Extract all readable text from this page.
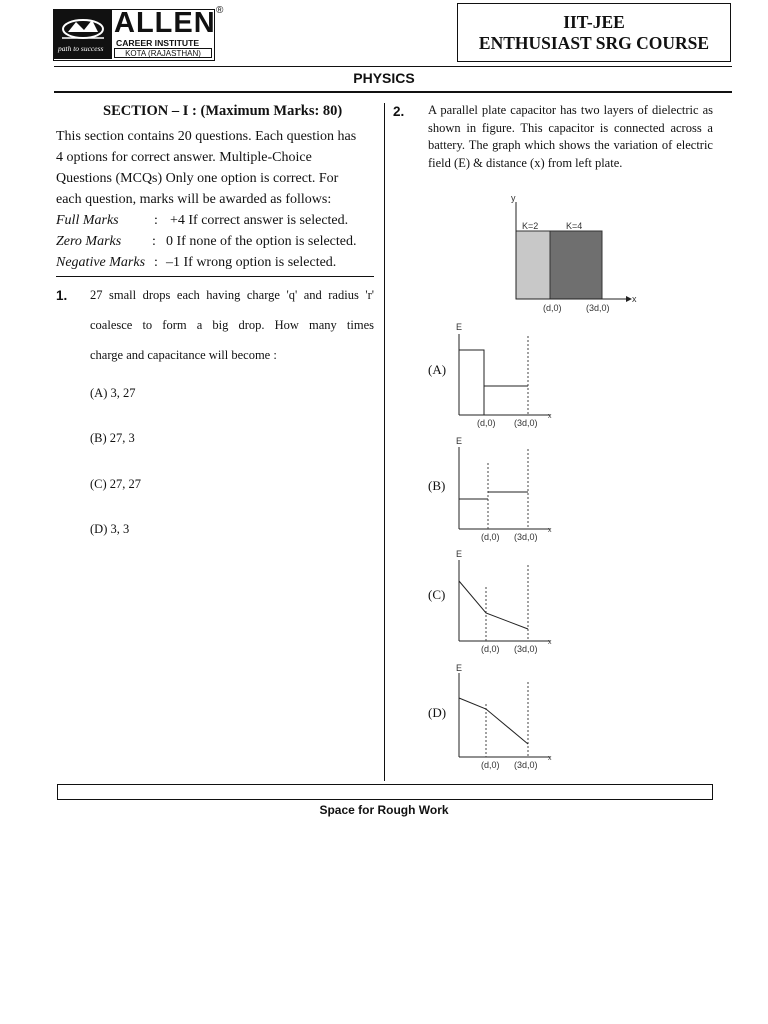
path to success
ALLEN
CAREER INSTITUTE
KOTA (RAJASTHAN)
®
IIT-JEE
ENTHUSIAST SRG COURSE
PHYSICS
SECTION – I : (Maximum Marks: 80)
This section contains 20 questions. Each question has
4 options for correct answer. Multiple-Choice
Questions (MCQs) Only one option is correct. For
each question, marks will be awarded as follows:
Full Marks	: +4 If correct answer is selected.
Zero Marks : 0 If none of the option is selected.
Negative Marks : –1 If wrong option is selected.
1. 27 small drops each having charge 'q' and radius 'r'
coalesce to form a big drop. How many times
charge and capacitance will become :
(A) 3, 27
(B) 27, 3
(C) 27, 27
(D) 3, 3
2. A parallel plate capacitor has two layers of dielectric as shown in figure. This capacitor is connected across a battery. The graph which shows the variation of electric field (E) & distance (x) from left plate.
y
x
K=2	K=4
(d,0)	(3d,0)
(A)
E
x
(d,0) (3d,0)
(B)
E
x
(d,0) (3d,0)
(C)
E
x
(d,0) (3d,0)
(D)
E
x
(d,0) (3d,0)
Space for Rough Work
